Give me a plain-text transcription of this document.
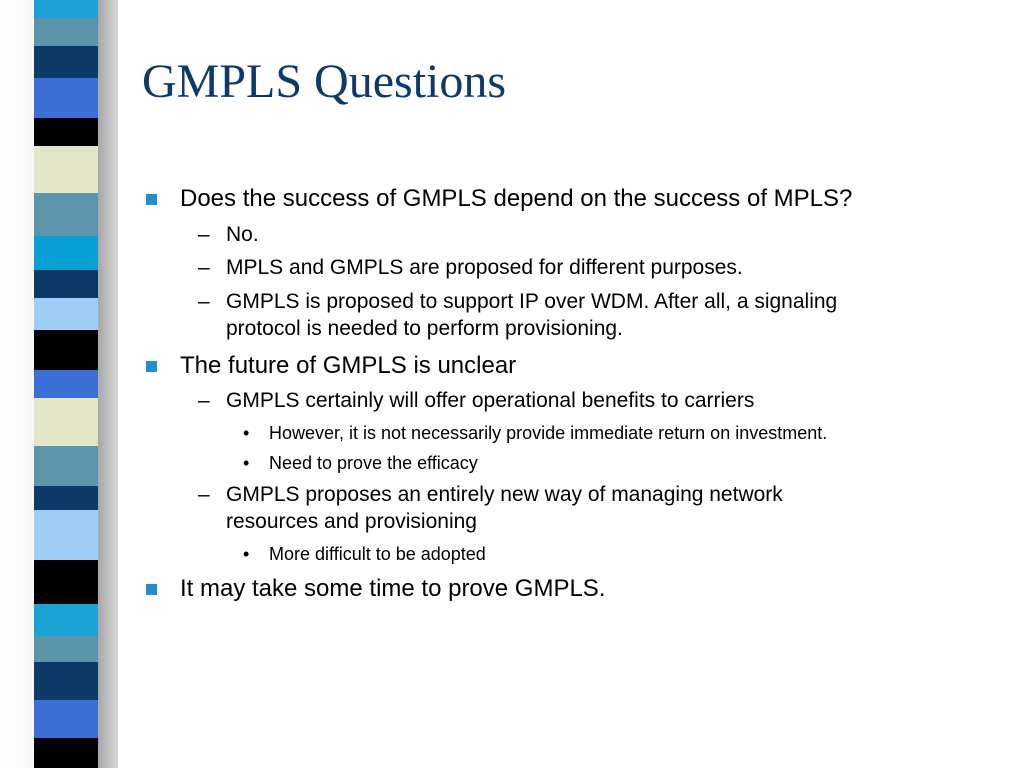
GMPLS Questions
Does the success of GMPLS depend on the success of MPLS?
– No.
– MPLS and GMPLS are proposed for different purposes.
– GMPLS is proposed to support IP over WDM. After all, a signaling
protocol is needed to perform provisioning.
The future of GMPLS is unclear
– GMPLS certainly will offer operational benefits to carriers
• However, it is not necessarily provide immediate return on investment.
• Need to prove the efficacy
– GMPLS proposes an entirely new way of managing network
resources and provisioning
• More difficult to be adopted
It may take some time to prove GMPLS.
